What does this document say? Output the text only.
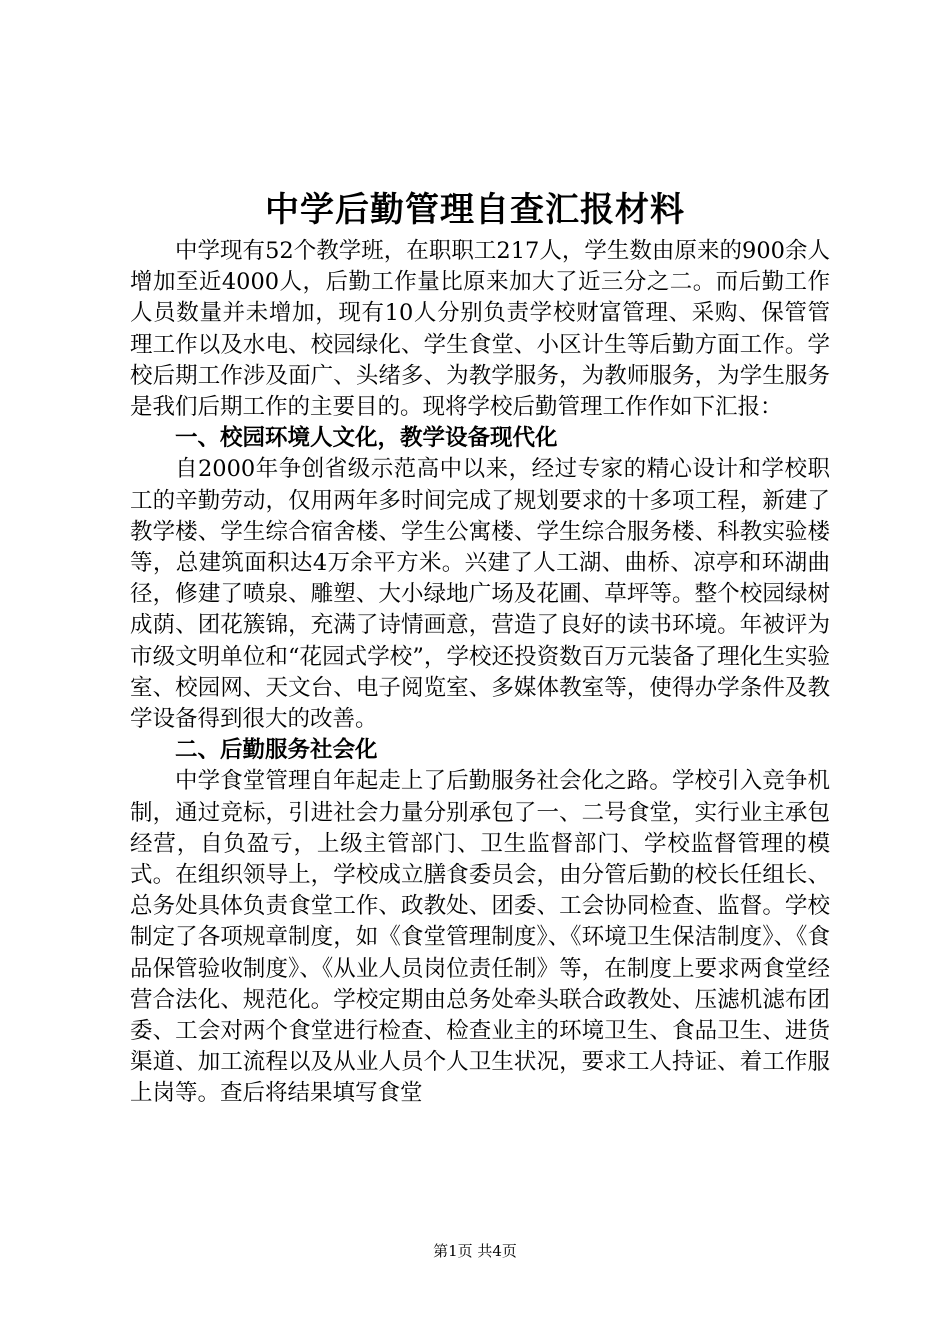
中学后勤管理自查汇报材料

中学现有52个教学班，在职职工217人，学生数由原来的900余人增加至近4000人，后勤工作量比原来加大了近三分之二。而后勤工作人员数量并未增加，现有10人分别负责学校财富管理、采购、保管管理工作以及水电、校园绿化、学生食堂、小区计生等后勤方面工作。学校后期工作涉及面广、头绪多、为教学服务，为教师服务，为学生服务是我们后期工作的主要目的。现将学校后勤管理工作作如下汇报：

一、校园环境人文化，教学设备现代化

自2000年争创省级示范高中以来，经过专家的精心设计和学校职工的辛勤劳动，仅用两年多时间完成了规划要求的十多项工程，新建了教学楼、学生综合宿舍楼、学生公寓楼、学生综合服务楼、科教实验楼等，总建筑面积达4万余平方米。兴建了人工湖、曲桥、凉亭和环湖曲径，修建了喷泉、雕塑、大小绿地广场及花圃、草坪等。整个校园绿树成荫、团花簇锦，充满了诗情画意，营造了良好的读书环境。年被评为市级文明单位和“花园式学校”，学校还投资数百万元装备了理化生实验室、校园网、天文台、电子阅览室、多媒体教室等，使得办学条件及教学设备得到很大的改善。

二、后勤服务社会化

中学食堂管理自年起走上了后勤服务社会化之路。学校引入竞争机制，通过竞标，引进社会力量分别承包了一、二号食堂，实行业主承包经营，自负盈亏，上级主管部门、卫生监督部门、学校监督管理的模式。在组织领导上，学校成立膳食委员会，由分管后勤的校长任组长、总务处具体负责食堂工作、政教处、团委、工会协同检查、监督。学校制定了各项规章制度，如《食堂管理制度》、《环境卫生保洁制度》、《食品保管验收制度》、《从业人员岗位责任制》等，在制度上要求两食堂经营合法化、规范化。学校定期由总务处牵头联合政教处、压滤机滤布团委、工会对两个食堂进行检查、检查业主的环境卫生、食品卫生、进货渠道、加工流程以及从业人员个人卫生状况，要求工人持证、着工作服上岗等。查后将结果填写食堂

第1页 共4页
